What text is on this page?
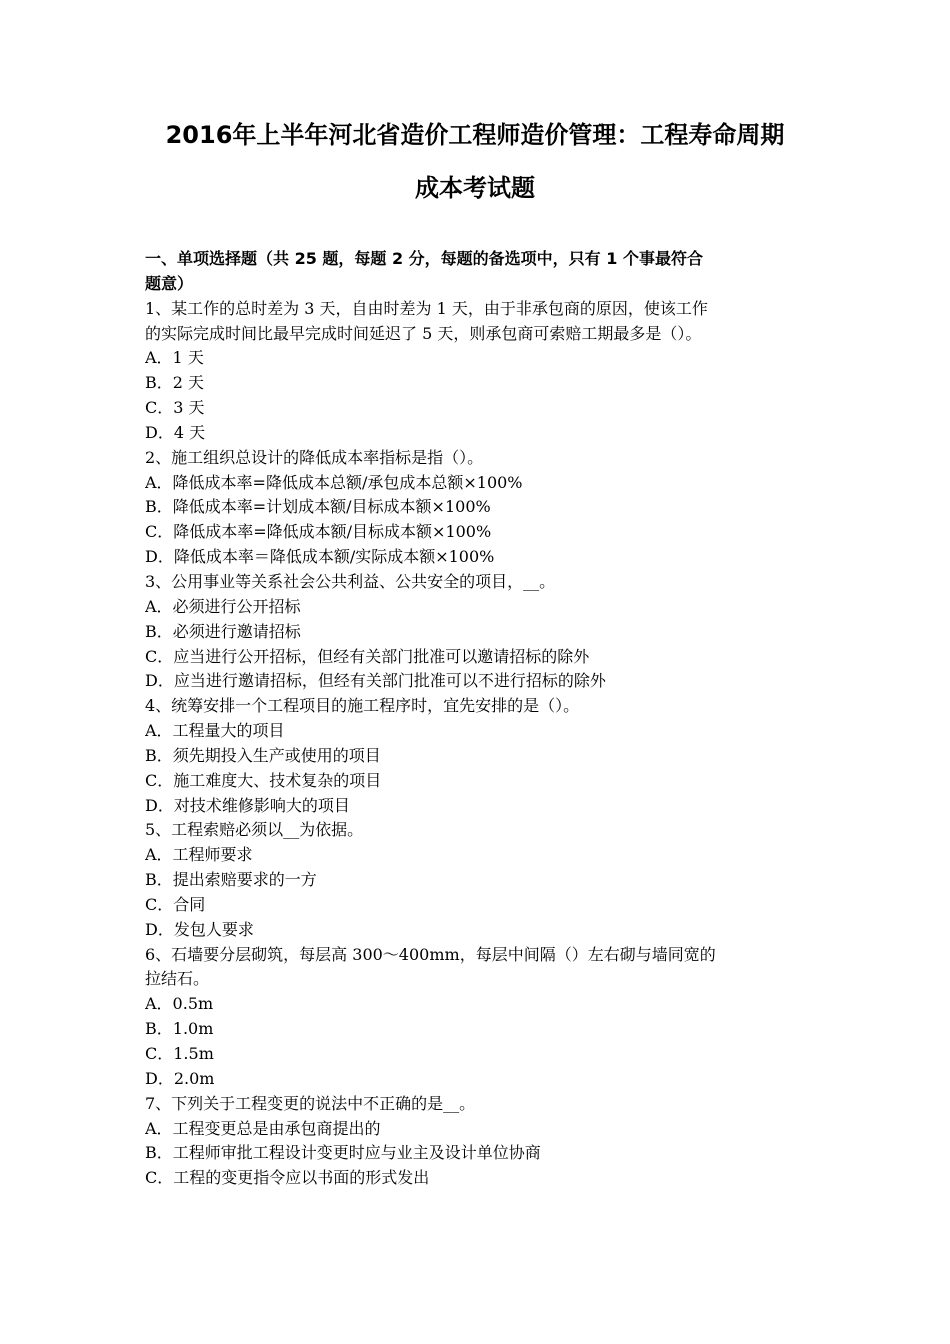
2016年上半年河北省造价工程师造价管理：工程寿命周期
成本考试题
一、单项选择题（共 25 题，每题 2 分，每题的备选项中，只有 1 个事最符合
题意）
1、某工作的总时差为 3 天，自由时差为 1 天，由于非承包商的原因，使该工作
的实际完成时间比最早完成时间延迟了 5 天，则承包商可索赔工期最多是（）。
A．1 天
B．2 天
C．3 天
D．4 天
2、施工组织总设计的降低成本率指标是指（）。
A．降低成本率=降低成本总额/承包成本总额×100%
B．降低成本率=计划成本额/目标成本额×100%
C．降低成本率=降低成本额/目标成本额×100%
D．降低成本率＝降低成本额/实际成本额×100%
3、公用事业等关系社会公共利益、公共安全的项目，__。
A．必须进行公开招标
B．必须进行邀请招标
C．应当进行公开招标，但经有关部门批准可以邀请招标的除外
D．应当进行邀请招标，但经有关部门批准可以不进行招标的除外
4、统筹安排一个工程项目的施工程序时，宜先安排的是（）。
A．工程量大的项目
B．须先期投入生产或使用的项目
C．施工难度大、技术复杂的项目
D．对技术维修影响大的项目
5、工程索赔必须以__为依据。
A．工程师要求
B．提出索赔要求的一方
C．合同
D．发包人要求
6、石墙要分层砌筑，每层高 300～400mm，每层中间隔（）左右砌与墙同宽的
拉结石。
A．0.5m
B．1.0m
C．1.5m
D．2.0m
7、下列关于工程变更的说法中不正确的是__。
A．工程变更总是由承包商提出的
B．工程师审批工程设计变更时应与业主及设计单位协商
C．工程的变更指令应以书面的形式发出
